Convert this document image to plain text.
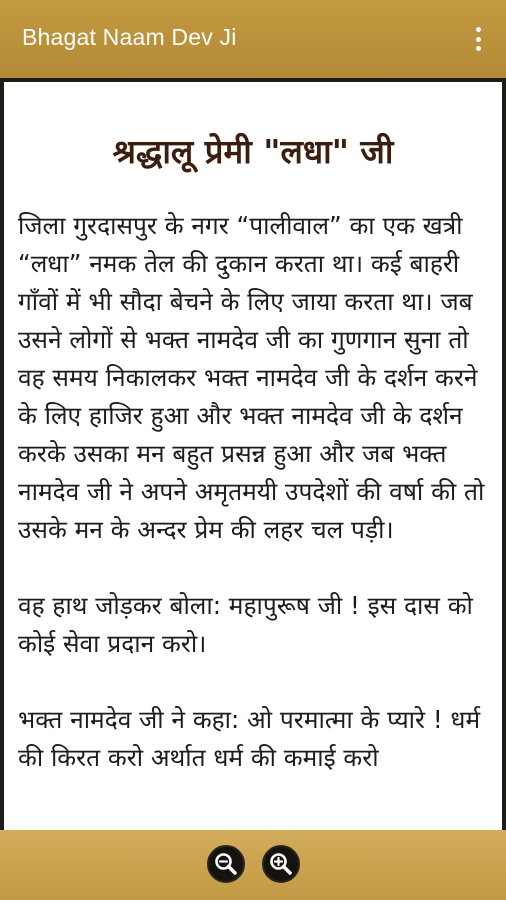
Bhagat Naam Dev Ji
श्रद्धालू प्रेमी "लधा" जी

जिला गुरदासपुर के नगर “पालीवाल” का एक खत्री “लधा” नमक तेल की दुकान करता था। कई बाहरी गाँवों में भी सौदा बेचने के लिए जाया करता था। जब उसने लोगों से भक्त नामदेव जी का गुणगान सुना तो वह समय निकालकर भक्त नामदेव जी के दर्शन करने के लिए हाजिर हुआ और भक्त नामदेव जी के दर्शन करके उसका मन बहुत प्रसन्न हुआ और जब भक्त नामदेव जी ने अपने अमृतमयी उपदेशों की वर्षा की तो उसके मन के अन्दर प्रेम की लहर चल पड़ी।

वह हाथ जोड़कर बोला: महापुरूष जी ! इस दास को कोई सेवा प्रदान करो।

भक्त नामदेव जी ने कहा: ओ परमात्मा के प्यारे ! धर्म की किरत करो अर्थात धर्म की कमाई करो
